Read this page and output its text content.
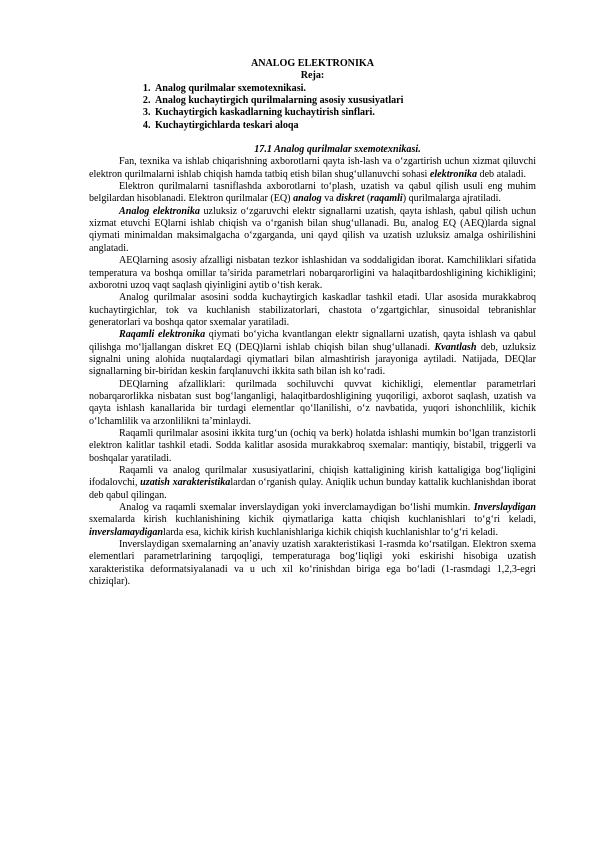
ANALOG ELEKTRONIKA
Reja:
1. Analog qurilmalar sxemotexnikasi.
2. Analog kuchaytirgich qurilmalarning asosiy xususiyatlari
3. Kuchaytirgich kaskadlarning kuchaytirish sinflari.
4. Kuchaytirgichlarda teskari aloqa
17.1 Analog qurilmalar sxemotexnikasi.

Fan, texnika va ishlab chiqarishning axborotlarni qayta ish-lash va o‘zgartirish uchun xizmat qiluvchi elektron qurilmalarni ishlab chiqish hamda tatbiq etish bilan shug‘ullanuvchi sohasi elektronika deb ataladi.

Elektron qurilmalarni tasniflashda axborotlarni to‘plash, uzatish va qabul qilish usuli eng muhim belgilardan hisoblanadi. Elektron qurilmalar (EQ) analog va diskret (raqamli) qurilmalarga ajratiladi.

Analog elektronika uzluksiz o‘zgaruvchi elektr signallarni uzatish, qayta ishlash, qabul qilish uchun xizmat etuvchi EQlarni ishlab chiqish va o‘rganish bilan shug‘ullanadi. Bu, analog EQ (AEQ)larda signal qiymati minimaldan maksimalgacha o‘zgarganda, uni qayd qilish va uzatish uzluksiz amalga oshirilishini anglatadi.

AEQlarning asosiy afzalligi nisbatan tezkor ishlashidan va soddaligidan iborat. Kamchiliklari sifatida temperatura va boshqa omillar ta’sirida parametrlari nobarqarorligini va halaqitbardoshligining kichikligini; axborotni uzoq vaqt saqlash qiyinligini aytib o‘tish kerak.

Analog qurilmalar asosini sodda kuchaytirgich kaskadlar tashkil etadi. Ular asosida murakkabroq kuchaytirgichlar, tok va kuchlanish stabilizatorlari, chastota o‘zgartgichlar, sinusoidal tebranishlar generatorlari va boshqa qator sxemalar yaratiladi.

Raqamli elektronika qiymati bo‘yicha kvantlangan elektr signallarni uzatish, qayta ishlash va qabul qilishga mo‘ljallangan diskret EQ (DEQ)larni ishlab chiqish bilan shug‘ullanadi. Kvantlash deb, uzluksiz signalni uning alohida nuqtalardagi qiymatlari bilan almashtirish jarayoniga aytiladi. Natijada, DEQlar signallarning bir-biridan keskin farqlanuvchi ikkita sath bilan ish ko‘radi.

DEQlarning afzalliklari: qurilmada sochiluvchi quvvat kichikligi, elementlar parametrlari nobarqarorlikka nisbatan sust bog‘langanligi, halaqitbardoshligining yuqoriligi, axborot saqlash, uzatish va qayta ishlash kanallarida bir turdagi elementlar qo‘llanilishi, o‘z navbatida, yuqori ishonchlilik, kichik o‘lchamlilik va arzonlilikni ta’minlaydi.

Raqamli qurilmalar asosini ikkita turg‘un (ochiq va berk) holatda ishlashi mumkin bo‘lgan tranzistorli elektron kalitlar tashkil etadi. Sodda kalitlar asosida murakkabroq sxemalar: mantiqiy, bistabil, triggerli va boshqalar yaratiladi.

Raqamli va analog qurilmalar xususiyatlarini, chiqish kattaligining kirish kattaligiga bog‘liqligini ifodalovchi, uzatish xarakteristikalardan o‘rganish qulay. Aniqlik uchun bunday kattalik kuchlanishdan iborat deb qabul qilingan.

Analog va raqamli sxemalar inverslaydigan yoki inverclamaydigan bo‘lishi mumkin. Inverslaydigan sxemalarda kirish kuchlanishining kichik qiymatlariga katta chiqish kuchlanishlari to‘g‘ri keladi, inverslamaydiganlarda esa, kichik kirish kuchlanishlariga kichik chiqish kuchlanishlar to‘g‘ri keladi.

Inverslaydigan sxemalarning an’anaviy uzatish xarakteristikasi 1-rasmda ko‘rsatilgan. Elektron sxema elementlari parametrlarining tarqoqligi, temperaturaga bog‘liqligi yoki eskirishi hisobiga uzatish xarakteristika deformatsiyalanadi va u uch xil ko‘rinishdan biriga ega bo‘ladi (1-rasmdagi 1,2,3-egri chiziqlar).
